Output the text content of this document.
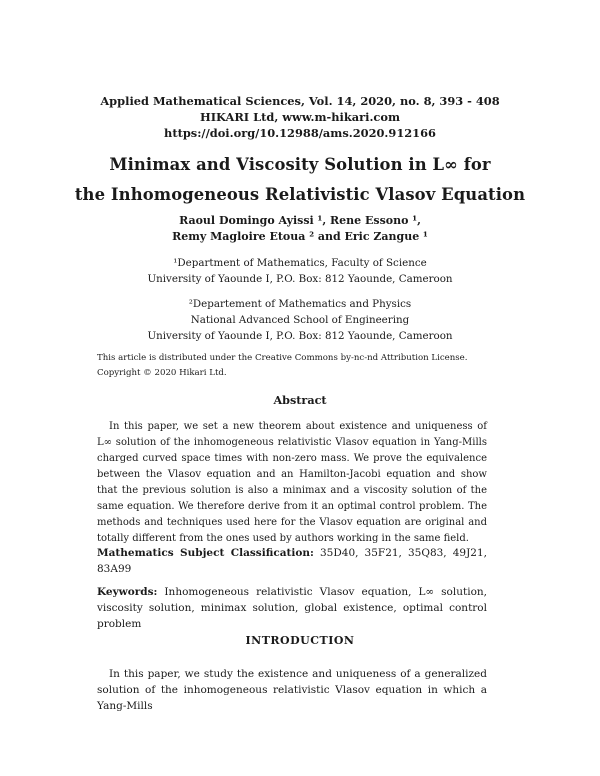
Applied Mathematical Sciences, Vol. 14, 2020, no. 8, 393 - 408
HIKARI Ltd, www.m-hikari.com
https://doi.org/10.12988/ams.2020.912166
Minimax and Viscosity Solution in L∞ for
the Inhomogeneous Relativistic Vlasov Equation
Raoul Domingo Ayissi ¹, Rene Essono ¹,
Remy Magloire Etoua ² and Eric Zangue ¹
¹Department of Mathematics, Faculty of Science
University of Yaounde I, P.O. Box: 812 Yaounde, Cameroon
²Departement of Mathematics and Physics
National Advanced School of Engineering
University of Yaounde I, P.O. Box: 812 Yaounde, Cameroon
This article is distributed under the Creative Commons by-nc-nd Attribution License.
Copyright © 2020 Hikari Ltd.
Abstract
In this paper, we set a new theorem about existence and uniqueness of L∞ solution of the inhomogeneous relativistic Vlasov equation in Yang-Mills charged curved space times with non-zero mass. We prove the equivalence between the Vlasov equation and an Hamilton-Jacobi equation and show that the previous solution is also a minimax and a viscosity solution of the same equation. We therefore derive from it an optimal control problem. The methods and techniques used here for the Vlasov equation are original and totally different from the ones used by authors working in the same field.
Mathematics Subject Classification: 35D40, 35F21, 35Q83, 49J21, 83A99
Keywords: Inhomogeneous relativistic Vlasov equation, L∞ solution, viscosity solution, minimax solution, global existence, optimal control problem
INTRODUCTION
In this paper, we study the existence and uniqueness of a generalized solution of the inhomogeneous relativistic Vlasov equation in which a Yang-Mills
